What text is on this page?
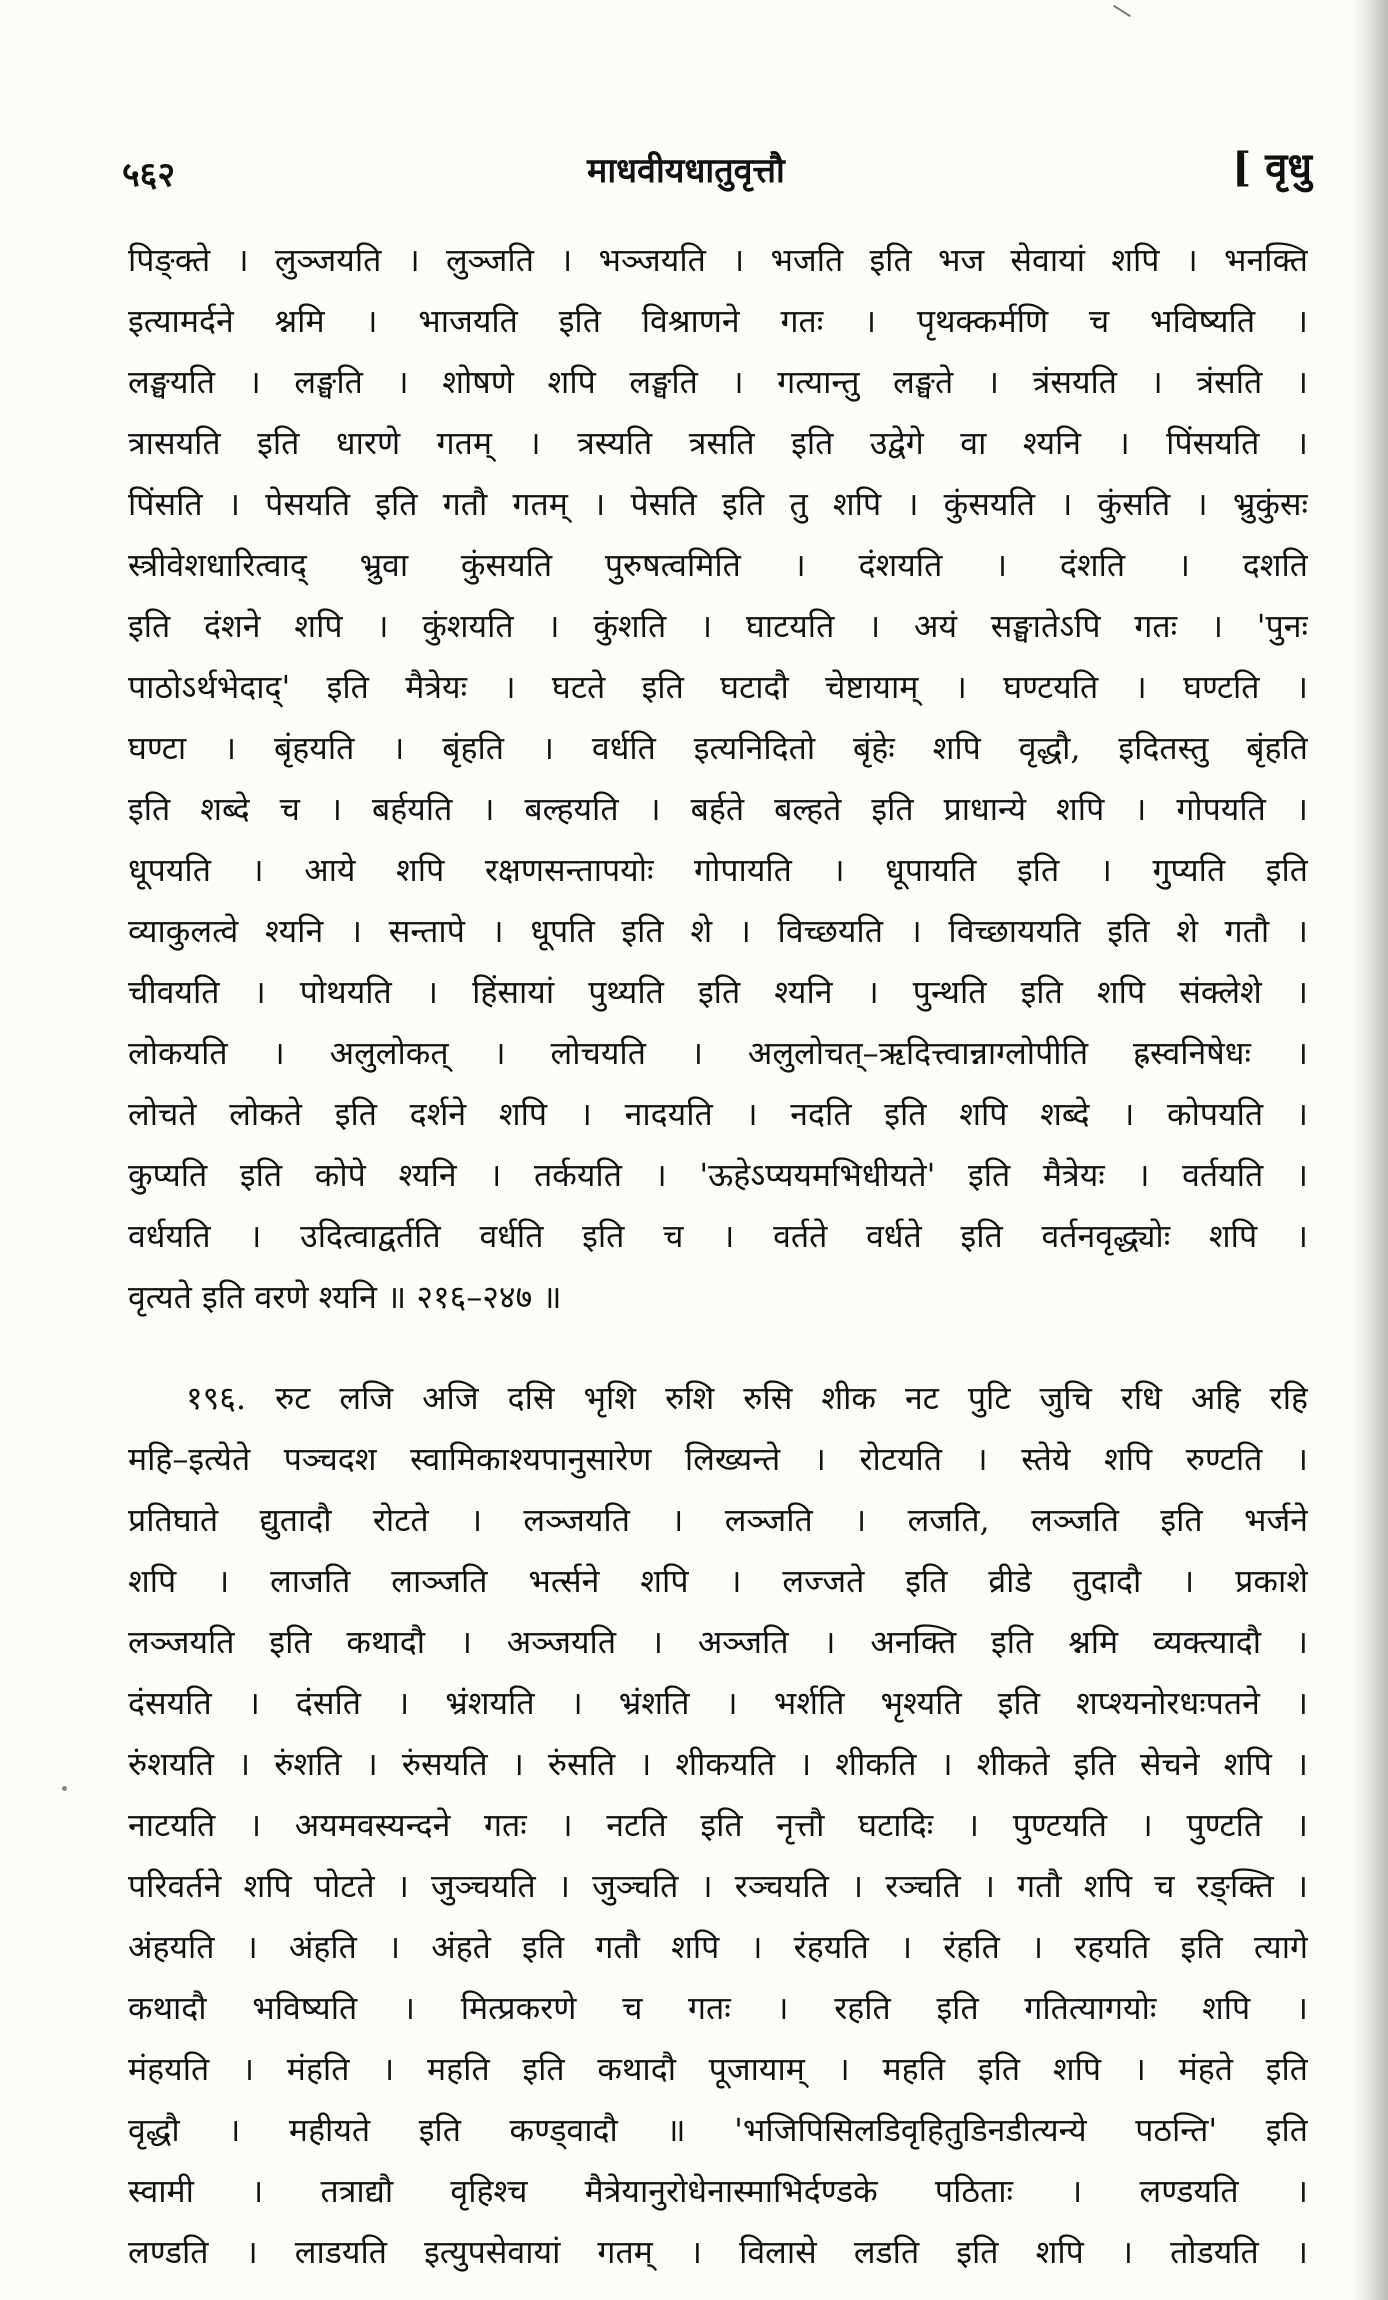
५६२	माधवीयधातुवृत्तौ	[ वृधु
पिङ्क्ते । लुञ्जयति । लुञ्जति । भञ्जयति । भजति इति भज सेवायां शपि । भनक्ति
इत्यामर्दने श्नमि । भाजयति इति विश्राणने गतः । पृथक्कर्मणि च भविष्यति ।
लङ्घयति । लङ्घति । शोषणे शपि लङ्घति । गत्यान्तु लङ्घते । त्रंसयति । त्रंसति ।
त्रासयति इति धारणे गतम् । त्रस्यति त्रसति इति उद्वेगे वा श्यनि । पिंसयति ।
पिंसति । पेसयति इति गतौ गतम् । पेसति इति तु शपि । कुंसयति । कुंसति । भ्रुकुंसः
स्त्रीवेशधारित्वाद् भ्रुवा कुंसयति पुरुषत्वमिति । दंशयति । दंशति । दशति
इति दंशने शपि । कुंशयति । कुंशति । घाटयति । अयं सङ्घातेऽपि गतः । 'पुनः
पाठोऽर्थभेदाद्' इति मैत्रेयः । घटते इति घटादौ चेष्टायाम् । घण्टयति । घण्टति ।
घण्टा । बृंहयति । बृंहति । वर्धति इत्यनिदितो बृंहेः शपि वृद्धौ, इदितस्तु बृंहति
इति शब्दे च । बर्हयति । बल्हयति । बर्हते बल्हते इति प्राधान्ये शपि । गोपयति ।
धूपयति । आये शपि रक्षणसन्तापयोः गोपायति । धूपायति इति । गुप्यति इति
व्याकुलत्वे श्यनि । सन्तापे । धूपति इति शे । विच्छयति । विच्छाययति इति शे गतौ ।
चीवयति । पोथयति । हिंसायां पुथ्यति इति श्यनि । पुन्थति इति शपि संक्लेशे ।
लोकयति । अलुलोकत् । लोचयति । अलुलोचत्–ऋदित्त्वान्नाग्लोपीति ह्रस्वनिषेधः ।
लोचते लोकते इति दर्शने शपि । नादयति । नदति इति शपि शब्दे । कोपयति ।
कुप्यति इति कोपे श्यनि । तर्कयति । 'ऊहेऽप्ययमभिधीयते' इति मैत्रेयः । वर्तयति ।
वर्धयति । उदित्वाद्वर्तति वर्धति इति च । वर्तते वर्धते इति वर्तनवृद्ध्योः शपि ।
वृत्यते इति वरणे श्यनि ॥ २१६–२४७ ॥
१९६. रुट लजि अजि दसि भृशि रुशि रुसि शीक नट पुटि जुचि रधि अहि रहि
महि–इत्येते पञ्चदश स्वामिकाश्यपानुसारेण लिख्यन्ते । रोटयति । स्तेये शपि रुण्टति ।
प्रतिघाते द्युतादौ रोटते । लञ्जयति । लञ्जति । लजति, लञ्जति इति भर्जने
शपि । लाजति लाञ्जति भर्त्सने शपि । लज्जते इति व्रीडे तुदादौ । प्रकाशे
लञ्जयति इति कथादौ । अञ्जयति । अञ्जति । अनक्ति इति श्नमि व्यक्त्यादौ ।
दंसयति । दंसति । भ्रंशयति । भ्रंशति । भर्शति भृश्यति इति शप्श्यनोरधःपतने ।
रुंशयति । रुंशति । रुंसयति । रुंसति । शीकयति । शीकति । शीकते इति सेचने शपि ।
नाटयति । अयमवस्यन्दने गतः । नटति इति नृत्तौ घटादिः । पुण्टयति । पुण्टति ।
परिवर्तने शपि पोटते । जुञ्चयति । जुञ्चति । रञ्चयति । रञ्चति । गतौ शपि च रङ्क्ति ।
अंहयति । अंहति । अंहते इति गतौ शपि । रंहयति । रंहति । रहयति इति त्यागे
कथादौ भविष्यति । मित्प्रकरणे च गतः । रहति इति गतित्यागयोः शपि ।
मंहयति । मंहति । महति इति कथादौ पूजायाम् । महति इति शपि । मंहते इति
वृद्धौ । महीयते इति कण्ड्वादौ ॥ 'भजिपिसिलडिवृहितुडिनडीत्यन्ये पठन्ति' इति
स्वामी । तत्राद्यौ वृहिश्च मैत्रेयानुरोधेनास्माभिर्दण्डके पठिताः । लण्डयति ।
लण्डति । लाडयति इत्युपसेवायां गतम् । विलासे लडति इति शपि । तोडयति ।
